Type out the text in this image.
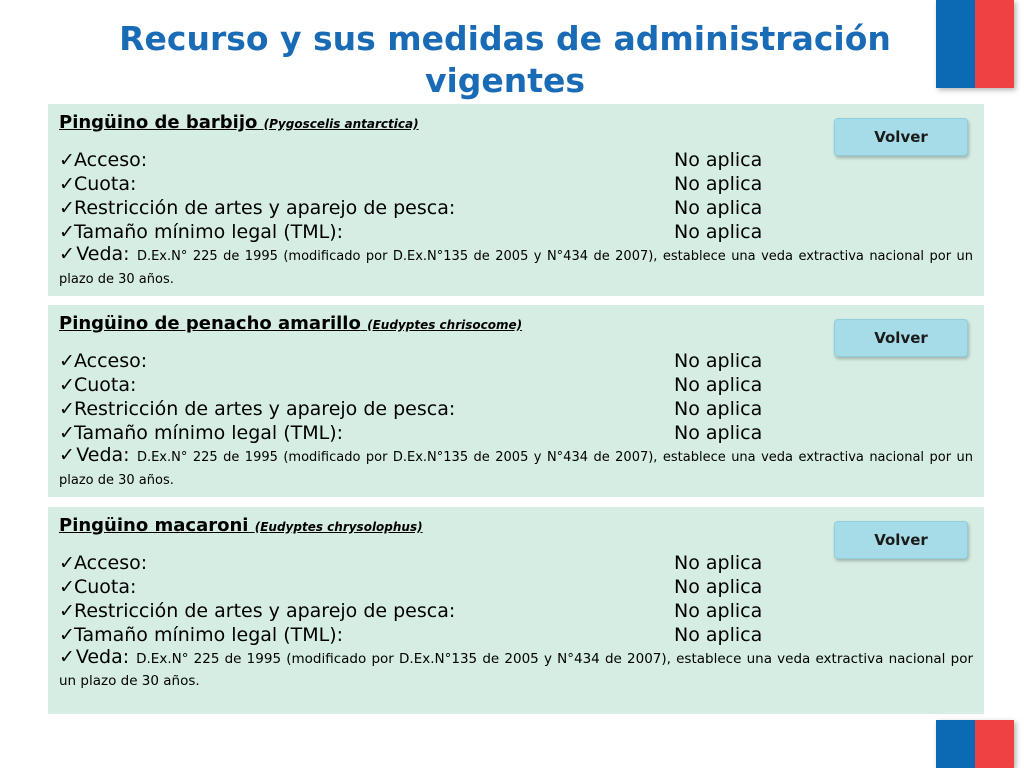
Recurso y sus medidas de administración vigentes
Pingüino de barbijo (Pygoscelis antarctica)
Volver
✓ Acceso:	No aplica
✓ Cuota:	No aplica
✓ Restricción de artes y aparejo de pesca:	No aplica
✓ Tamaño mínimo legal (TML):	No aplica
✓Veda: D.Ex.N° 225 de 1995 (modificado por D.Ex.N°135 de 2005 y N°434 de 2007), establece una veda extractiva nacional por un plazo de 30 años.
Pingüino de penacho amarillo (Eudyptes chrisocome)
Volver
✓ Acceso:	No aplica
✓ Cuota:	No aplica
✓ Restricción de artes y aparejo de pesca:	No aplica
✓ Tamaño mínimo legal (TML):	No aplica
✓Veda: D.Ex.N° 225 de 1995 (modificado por D.Ex.N°135 de 2005 y N°434 de 2007), establece una veda extractiva nacional por un plazo de 30 años.
Pingüino macaroni (Eudyptes chrysolophus)
Volver
✓ Acceso:	No aplica
✓ Cuota:	No aplica
✓ Restricción de artes y aparejo de pesca:	No aplica
✓ Tamaño mínimo legal (TML):	No aplica
✓Veda: D.Ex.N° 225 de 1995 (modificado por D.Ex.N°135 de 2005 y N°434 de 2007), establece una veda extractiva nacional por un plazo de 30 años.
